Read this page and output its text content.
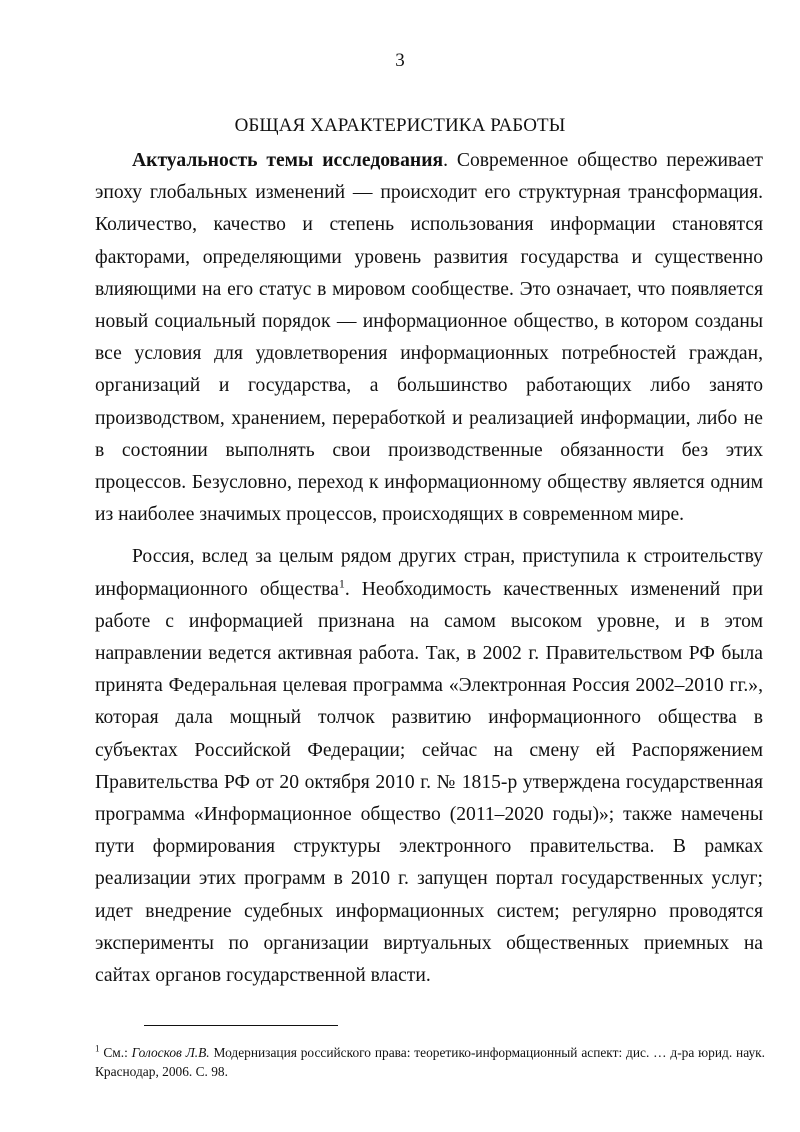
3
ОБЩАЯ ХАРАКТЕРИСТИКА РАБОТЫ

Актуальность темы исследования. Современное общество переживает эпоху глобальных изменений — происходит его структурная трансформация. Количество, качество и степень использования информации становятся факторами, определяющими уровень развития государства и существенно влияющими на его статус в мировом сообществе. Это означает, что появляется новый социальный порядок — информационное общество, в котором созданы все условия для удовлетворения информационных потребностей граждан, организаций и государства, а большинство работающих либо занято производством, хранением, переработкой и реализацией информации, либо не в состоянии выполнять свои производственные обязанности без этих процессов. Безусловно, переход к информационному обществу является одним из наиболее значимых процессов, происходящих в современном мире.

Россия, вслед за целым рядом других стран, приступила к строительству информационного общества$^1$. Необходимость качественных изменений при работе с информацией признана на самом высоком уровне, и в этом направлении ведется активная работа. Так, в 2002 г. Правительством РФ была принята Федеральная целевая программа «Электронная Россия 2002–2010 гг.», которая дала мощный толчок развитию информационного общества в субъектах Российской Федерации; сейчас на смену ей Распоряжением Правительства РФ от 20 октября 2010 г. № 1815-р утверждена государственная программа «Информационное общество (2011–2020 годы)»; также намечены пути формирования структуры электронного правительства. В рамках реализации этих программ в 2010 г. запущен портал государственных услуг; идет внедрение судебных информационных систем; регулярно проводятся эксперименты по организации виртуальных общественных приемных на сайтах органов государственной власти.

$^1$ См.: Голосков Л.В. Модернизация российского права: теоретико-информационный аспект: дис. … д-ра юрид. наук. Краснодар, 2006. С. 98.
